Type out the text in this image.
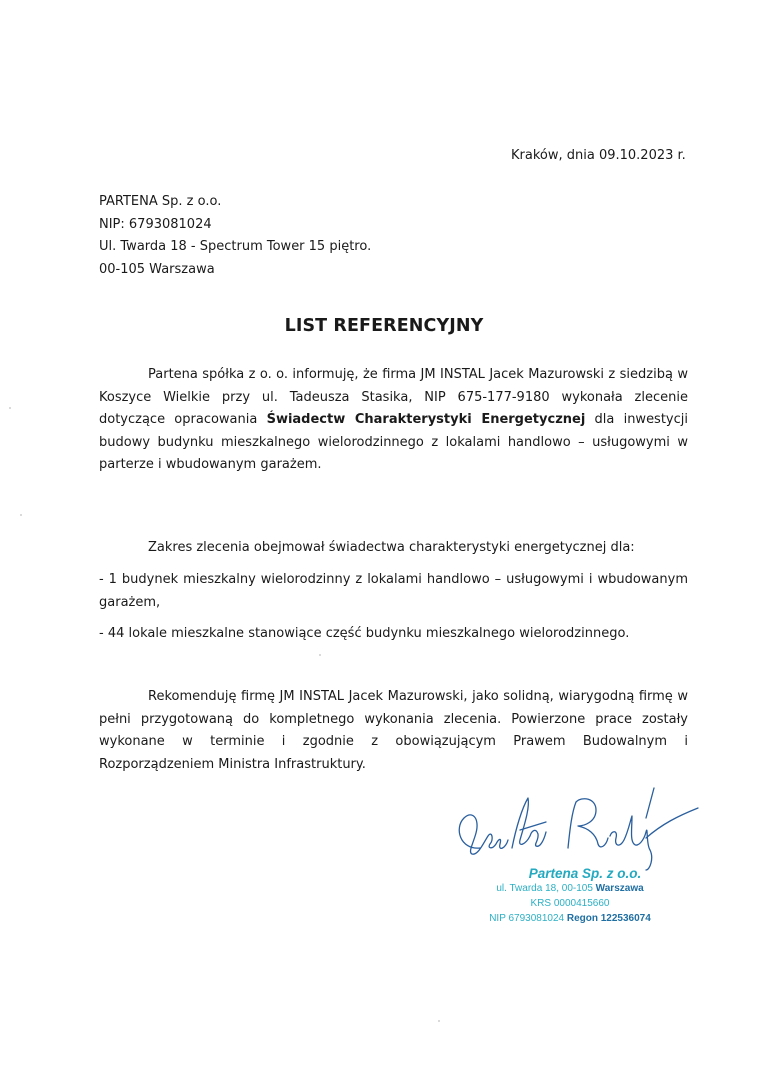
Kraków, dnia 09.10.2023 r.
PARTENA Sp. z o.o.
NIP: 6793081024
Ul. Twarda 18 - Spectrum Tower 15 piętro.
00-105 Warszawa
LIST REFERENCYJNY
Partena spółka z o. o. informuję, że firma JM INSTAL Jacek Mazurowski z siedzibą w Koszyce Wielkie przy ul. Tadeusza Stasika, NIP 675-177-9180 wykonała zlecenie dotyczące opracowania Świadectw Charakterystyki Energetycznej dla inwestycji budowy budynku mieszkalnego wielorodzinnego z lokalami handlowo – usługowymi w parterze i wbudowanym garażem.
Zakres zlecenia obejmował świadectwa charakterystyki energetycznej dla:
- 1 budynek mieszkalny wielorodzinny z lokalami handlowo – usługowymi i wbudowanym garażem,
- 44 lokale mieszkalne stanowiące część budynku mieszkalnego wielorodzinnego.
Rekomenduję firmę JM INSTAL Jacek Mazurowski, jako solidną, wiarygodną firmę w pełni przygotowaną do kompletnego wykonania zlecenia. Powierzone prace zostały wykonane w terminie i zgodnie z obowiązującym Prawem Budowalnym i Rozporządzeniem Ministra Infrastruktury.
Partena Sp. z o.o.
ul. Twarda 18, 00-105 Warszawa
KRS 0000415660
NIP 6793081024 Regon 122536074
